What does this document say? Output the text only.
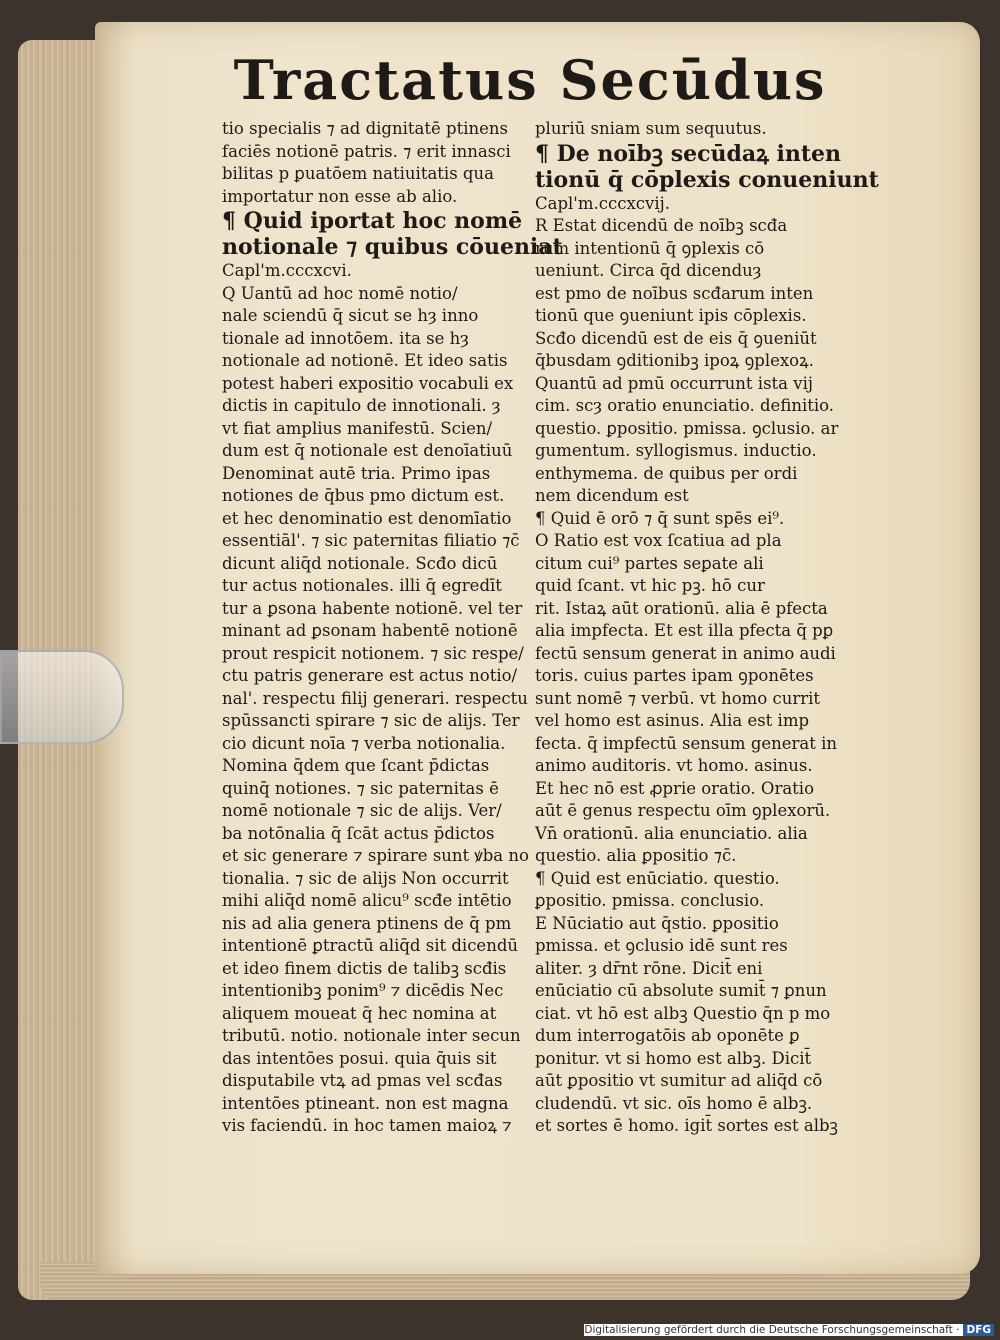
Tractatus Secūdus
tio specialis ⁊ ad dignitatē ptinens
faciēs notionē patris. ⁊ erit innasci
bilitas p ꝑuatōem natiuitatis qua
importatur non esse ab alio.
¶ Quid iportat hoc nomē
notionale ⁊ quibus cōueniat
Capl'm.cccxcvi.
Q Uantū ad hoc nomē notio/
nale sciendū q̄ sicut se hȝ inno
tionale ad innotōem. ita se hȝ
notionale ad notionē. Et ideo satis
potest haberi expositio vocabuli ex
dictis in capitulo de innotionali. ȝ
vt fiat amplius manifestū. Scien/
dum est q̄ notionale est denoīatiuū
Denominat autē tria. Primo ipas
notiones de q̄bus pmo dictum est.
et hec denominatio est denomīatio
essentiāl'. ⁊ sic paternitas filiatio ⁊c̄
dicunt aliq̄d notionale. Scđo dicū
tur actus notionales. illi q̄ egredīt
tur a ꝑsona habente notionē. vel ter
minant ad ꝑsonam habentē notionē
prout respicit notionem. ⁊ sic respe/
ctu patris generare est actus notio/
nal'. respectu filij generari. respectu
spūssancti spirare ⁊ sic de alijs. Ter
cio dicunt noīa ⁊ verba notionalia.
Nomina q̄dem que ſcant p̄dictas
quinq̄ notiones. ⁊ sic paternitas ē
nomē notionale ⁊ sic de alijs. Ver/
ba notōnalia q̄ ſcāt actus p̄dictos
et sic generare ⁊ spirare sunt ꝟba no
tionalia. ⁊ sic de alijs Non occurrit
mihi aliq̄d nomē alicu⁹ scđe intētio
nis ad alia genera ptinens de q̄ pm
intentionē ꝑtractū aliq̄d sit dicendū
et ideo finem dictis de talibꝫ scđis
intentionibꝫ ponim⁹ ⁊ dicēdis Nec
aliquem moueat q̄ hec nomina at
tributū. notio. notionale inter secun
das intentōes posui. quia q̄uis sit
disputabile vtꝝ ad pmas vel scđas
intentōes ptineant. non est magna
vis faciendū. in hoc tamen maioꝝ ⁊
pluriū sniam sum sequutus.
¶ De noībꝫ secūdaꝝ inten
tionū q̄ cōplexis conueniunt
Capl'm.cccxcvij.
R Estat dicendū de noībꝫ scđa
rum intentionū q̄ ꝯplexis cō
ueniunt. Circa q̄d dicenduȝ
est pmo de noībus scđarum inten
tionū que ꝯueniunt ipis cōplexis.
Scđo dicendū est de eis q̄ ꝯueniūt
q̄busdam ꝯditionibꝫ ipoꝝ ꝯplexoꝝ.
Quantū ad pmū occurrunt ista vij
cim. scȝ oratio enunciatio. definitio.
questio. ꝑpositio. pmissa. ꝯclusio. ar
gumentum. syllogismus. inductio.
enthymema. de quibus per ordi
nem dicendum est
¶ Quid ē orō ⁊ q̄ sunt spēs ei⁹.
O Ratio est vox ſcatiua ad pla
citum cui⁹ partes seꝑate ali
quid ſcant. vt hic pꝫ. hō cur
rit. Istaꝝ aūt orationū. alia ē pfecta
alia impfecta. Et est illa pfecta q̄ pꝑ
fectū sensum generat in animo audi
toris. cuius partes ipam ꝯponētes
sunt nomē ⁊ verbū. vt homo currit
vel homo est asinus. Alia est imp
fecta. q̄ impfectū sensum generat in
animo auditoris. vt homo. asinus.
Et hec nō est ꝓprie oratio. Oratio
aūt ē genus respectu oīm ꝯplexorū.
Vn̄ orationū. alia enunciatio. alia
questio. alia ꝑpositio ⁊c̄.
¶ Quid est enūciatio. questio.
ꝑpositio. pmissa. conclusio.
E Nūciatio aut q̄stio. ꝑpositio
pmissa. et ꝯclusio idē sunt res
aliter. ȝ dr̄nt rōne. Dicit̄ eni
enūciatio cū absolute sumit̄ ⁊ ꝑnun
ciat. vt hō est albꝫ Questio q̄n p mo
dum interrogatōis ab oponēte ꝑ
ponitur. vt si homo est albꝫ. Dicit̄
aūt ꝑpositio vt sumitur ad aliq̄d cō
cludendū. vt sic. oīs homo ē albꝫ.
et sortes ē homo. igit̄ sortes est albꝫ
Digitalisierung gefördert durch die Deutsche Forschungsgemeinschaft · DFG
